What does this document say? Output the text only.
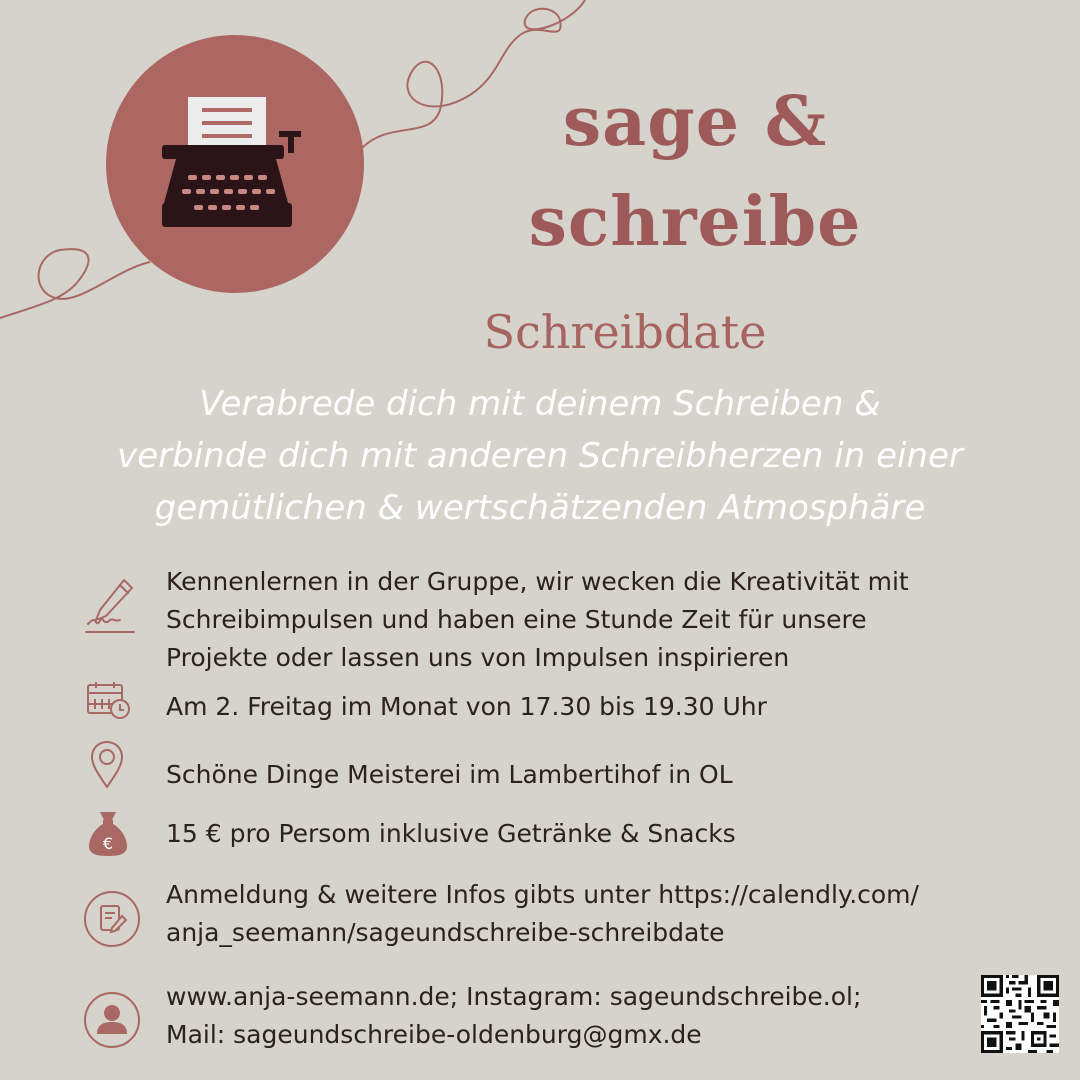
sage &
schreibe
Schreibdate
Verabrede dich mit deinem Schreiben &
verbinde dich mit anderen Schreibherzen in einer
gemütlichen & wertschätzenden Atmosphäre
Kennenlernen in der Gruppe, wir wecken die Kreativität mit
Schreibimpulsen und haben eine Stunde Zeit für unsere
Projekte oder lassen uns von Impulsen inspirieren
Am 2. Freitag im Monat von 17.30 bis 19.30 Uhr
Schöne Dinge Meisterei im Lambertihof in OL
€ 15 € pro Persom inklusive Getränke & Snacks
Anmeldung & weitere Infos gibts unter https://calendly.com/
anja_seemann/sageundschreibe-schreibdate
www.anja-seemann.de; Instagram: sageundschreibe.ol;
Mail: sageundschreibe-oldenburg@gmx.de
